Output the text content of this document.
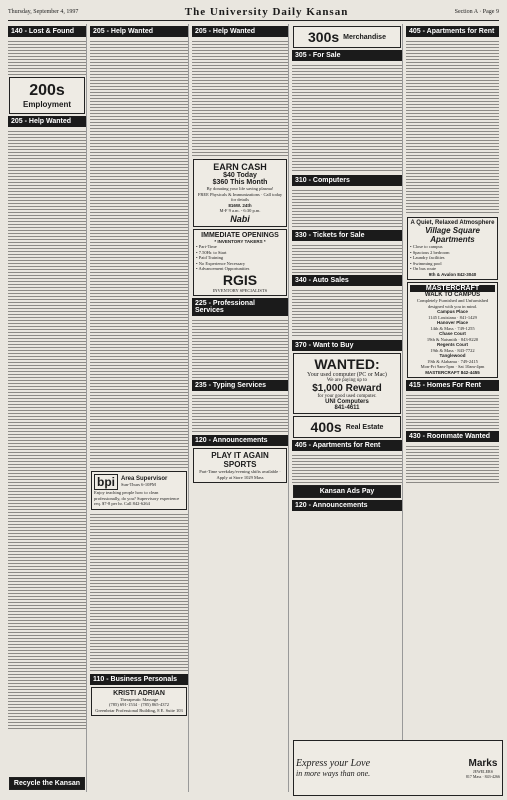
Thursday, September 4, 1997	The University Daily Kansan	Section A · Page 9
140 - Lost & Found
200s
Employment
205 - Help Wanted
Recycle the Kansan
205 - Help Wanted
bpi	Area Supervisor
Sun-Thurs 6-10PM
Enjoy teaching people how to clean professionally, do you? Supervisory experience req. $7-8 per hr. Call 842-6264
110 - Business Personals
KRISTI ADRIAN
Therapeutic Massage
(785) 691-1534 · (785) 865-4372
Greenbriar Professional Building, 8 E. Suite 103
205 - Help Wanted
EARN CASH
$40 Today
$360 This Month
By donating your life saving plasma!
FREE Physicals & Immunizations · Call today for details
816W. 24th
M-F 9 a.m. - 6:30 p.m.
Nabi
IMMEDIATE OPENINGS
* INVENTORY TAKERS *
• Part-Time
• 7.50Hr. to Start
• Paid Training
• No Experience Necessary
• Advancement Opportunities
RGIS
INVENTORY SPECIALISTS
225 - Professional Services
235 - Typing Services
120 - Announcements
PLAY IT AGAIN SPORTS
Part-Time weekday/evening shifts available · Apply at Store 1029 Mass
300s Merchandise
305 - For Sale
310 - Computers
330 - Tickets for Sale
340 - Auto Sales
370 - Want to Buy
WANTED:
Your used computer (PC or Mac)
We are paying up to
$1,000 Reward
for your good used computer.
UNI Computers
841-4611
400s Real Estate
405 - Apartments for Rent
Kansan Ads Pay
120 - Announcements
Express your Love
in more ways than one.
Marks
JEWELERS
817 Mass · 843-4266
405 - Apartments for Rent
A Quiet, Relaxed Atmosphere
Village Square Apartments
• Close to campus
• Spacious 2 bedroom
• Laundry facilities
• Swimming pool
• On bus route
9th & Avalon 842-3040
MASTERCRAFT
WALK TO CAMPUS
Completely Furnished and Unfurnished
designed with you in mind.
Campus Place
1145 Louisiana · 841-1429
Hanover Place
14th & Mass · 749-1255
Chase Court
19th & Naismith · 843-8220
Regents Court
19th & Mass · 843-7722
Tanglewood
19th & Alabama · 749-2415
Mon-Fri 9am-5pm · Sat 10am-4pm
MASTERCRAFT 842-4455
415 - Homes For Rent
430 - Roommate Wanted
